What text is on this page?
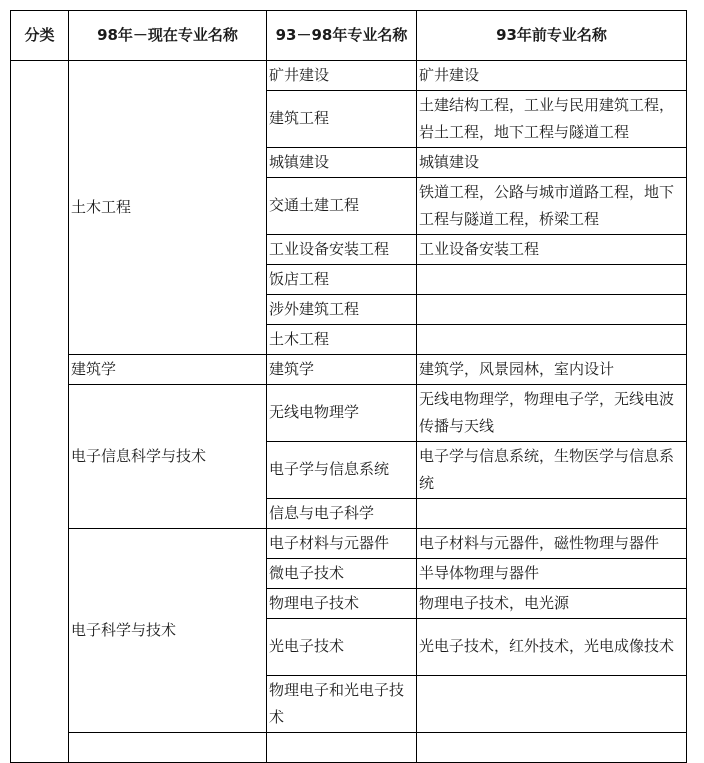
分类	98年－现在专业名称	93－98年专业名称	93年前专业名称
	土木工程	矿井建设	矿井建设
		建筑工程	土建结构工程，工业与民用建筑工程，岩土工程，地下工程与隧道工程
		城镇建设	城镇建设
		交通土建工程	铁道工程，公路与城市道路工程，地下工程与隧道工程，桥梁工程
		工业设备安装工程	工业设备安装工程
		饭店工程	
		涉外建筑工程	
		土木工程	
	建筑学	建筑学	建筑学，风景园林，室内设计
	电子信息科学与技术	无线电物理学	无线电物理学，物理电子学，无线电波传播与天线
		电子学与信息系统	电子学与信息系统，生物医学与信息系统
		信息与电子科学	
	电子科学与技术	电子材料与元器件	电子材料与元器件，磁性物理与器件
		微电子技术	半导体物理与器件
		物理电子技术	物理电子技术，电光源
		光电子技术	光电子技术，红外技术，光电成像技术
		物理电子和光电子技术	
